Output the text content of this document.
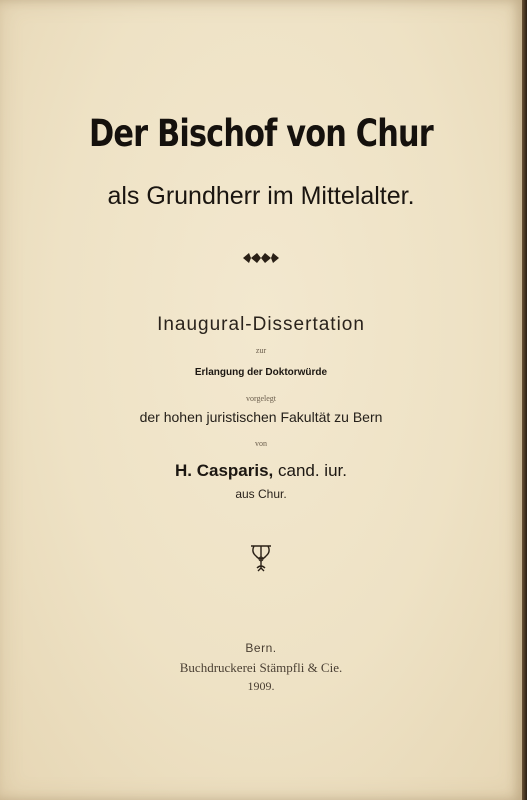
Der Bischof von Chur
als Grundherr im Mittelalter.
Inaugural-Dissertation
zur
Erlangung der Doktorwürde
vorgelegt
der hohen juristischen Fakultät zu Bern
von
H. Casparis, cand. iur.
aus Chur.
Bern.
Buchdruckerei Stämpfli & Cie.
1909.
